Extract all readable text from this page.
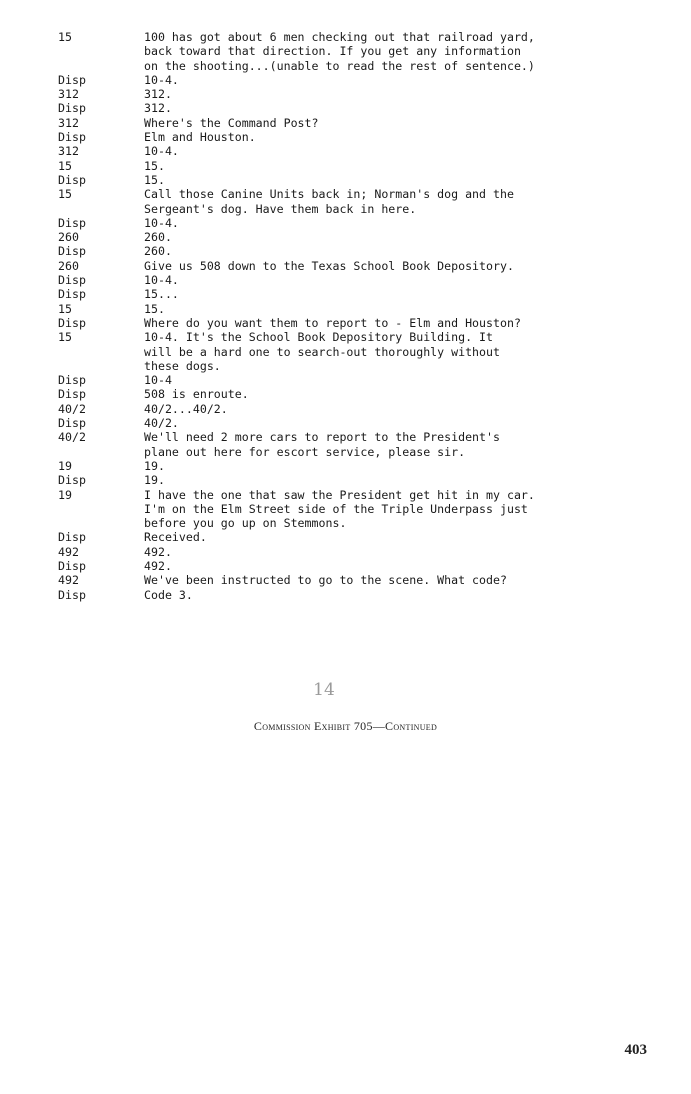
15	100 has got about 6 men checking out that railroad yard,
back toward that direction. If you get any information
on the shooting...(unable to read the rest of sentence.)
Disp	10-4.
312	312.
Disp	312.
312	Where's the Command Post?
Disp	Elm and Houston.
312	10-4.
15	15.
Disp	15.
15	Call those Canine Units back in; Norman's dog and the
Sergeant's dog. Have them back in here.
Disp	10-4.
260	260.
Disp	260.
260	Give us 508 down to the Texas School Book Depository.
Disp	10-4.
Disp	15...
15	15.
Disp	Where do you want them to report to - Elm and Houston?
15	10-4. It's the School Book Depository Building. It
will be a hard one to search-out thoroughly without
these dogs.
Disp	10-4
Disp	508 is enroute.
40/2	40/2...40/2.
Disp	40/2.
40/2	We'll need 2 more cars to report to the President's
plane out here for escort service, please sir.
19	19.
Disp	19.
19	I have the one that saw the President get hit in my car.
I'm on the Elm Street side of the Triple Underpass just
before you go up on Stemmons.
Disp	Received.
492	492.
Disp	492.
492	We've been instructed to go to the scene. What code?
Disp	Code 3.
14
Commission Exhibit 705—Continued
403
